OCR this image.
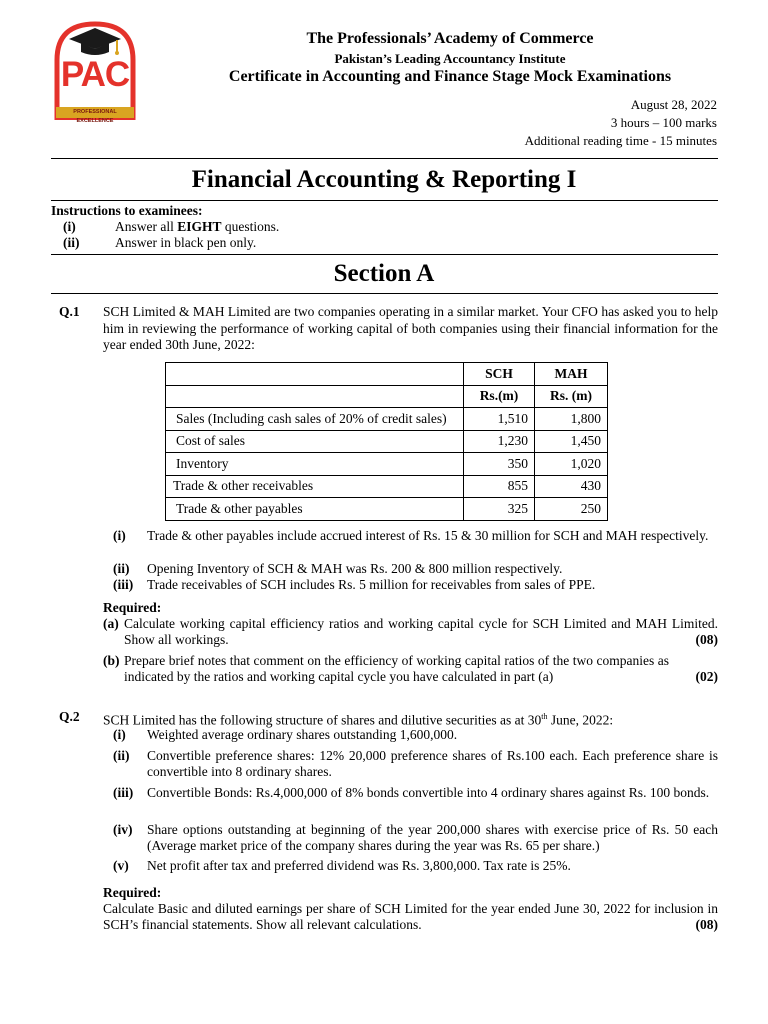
PAC
PROFESSIONAL EXCELLENCE
The Professionals’ Academy of Commerce
Pakistan’s Leading Accountancy Institute
Certificate in Accounting and Finance Stage Mock Examinations
August 28, 2022
3 hours – 100 marks
Additional reading time - 15 minutes
Financial Accounting & Reporting I
Instructions to examinees:
(i)	Answer all EIGHT questions.
(ii)	Answer in black pen only.
Section A
Q.1 SCH Limited & MAH Limited are two companies operating in a similar market. Your CFO has asked you to help him in reviewing the performance of working capital of both companies using their financial information for the year ended 30th June, 2022:
	SCH	MAH
	Rs.(m)	Rs. (m)
Sales (Including cash sales of 20% of credit sales)	1,510	1,800
Cost of sales	1,230	1,450
Inventory	350	1,020
Trade & other receivables	855	430
Trade & other payables	325	250
(i) Trade & other payables include accrued interest of Rs. 15 & 30 million for SCH and MAH respectively.
(ii) Opening Inventory of SCH & MAH was Rs. 200 & 800 million respectively.
(iii) Trade receivables of SCH includes Rs. 5 million for receivables from sales of PPE.
Required:
(a) Calculate working capital efficiency ratios and working capital cycle for SCH Limited and MAH Limited. Show all workings.	(08)
(b) Prepare brief notes that comment on the efficiency of working capital ratios of the two companies as indicated by the ratios and working capital cycle you have calculated in part (a)	(02)
Q.2 SCH Limited has the following structure of shares and dilutive securities as at 30th June, 2022:
(i) Weighted average ordinary shares outstanding 1,600,000.
(ii) Convertible preference shares: 12% 20,000 preference shares of Rs.100 each. Each preference share is convertible into 8 ordinary shares.
(iii) Convertible Bonds: Rs.4,000,000 of 8% bonds convertible into 4 ordinary shares against Rs. 100 bonds.
(iv) Share options outstanding at beginning of the year 200,000 shares with exercise price of Rs. 50 each (Average market price of the company shares during the year was Rs. 65 per share.)
(v) Net profit after tax and preferred dividend was Rs. 3,800,000. Tax rate is 25%.
Required:
Calculate Basic and diluted earnings per share of SCH Limited for the year ended June 30, 2022 for inclusion in SCH’s financial statements. Show all relevant calculations.	(08)
